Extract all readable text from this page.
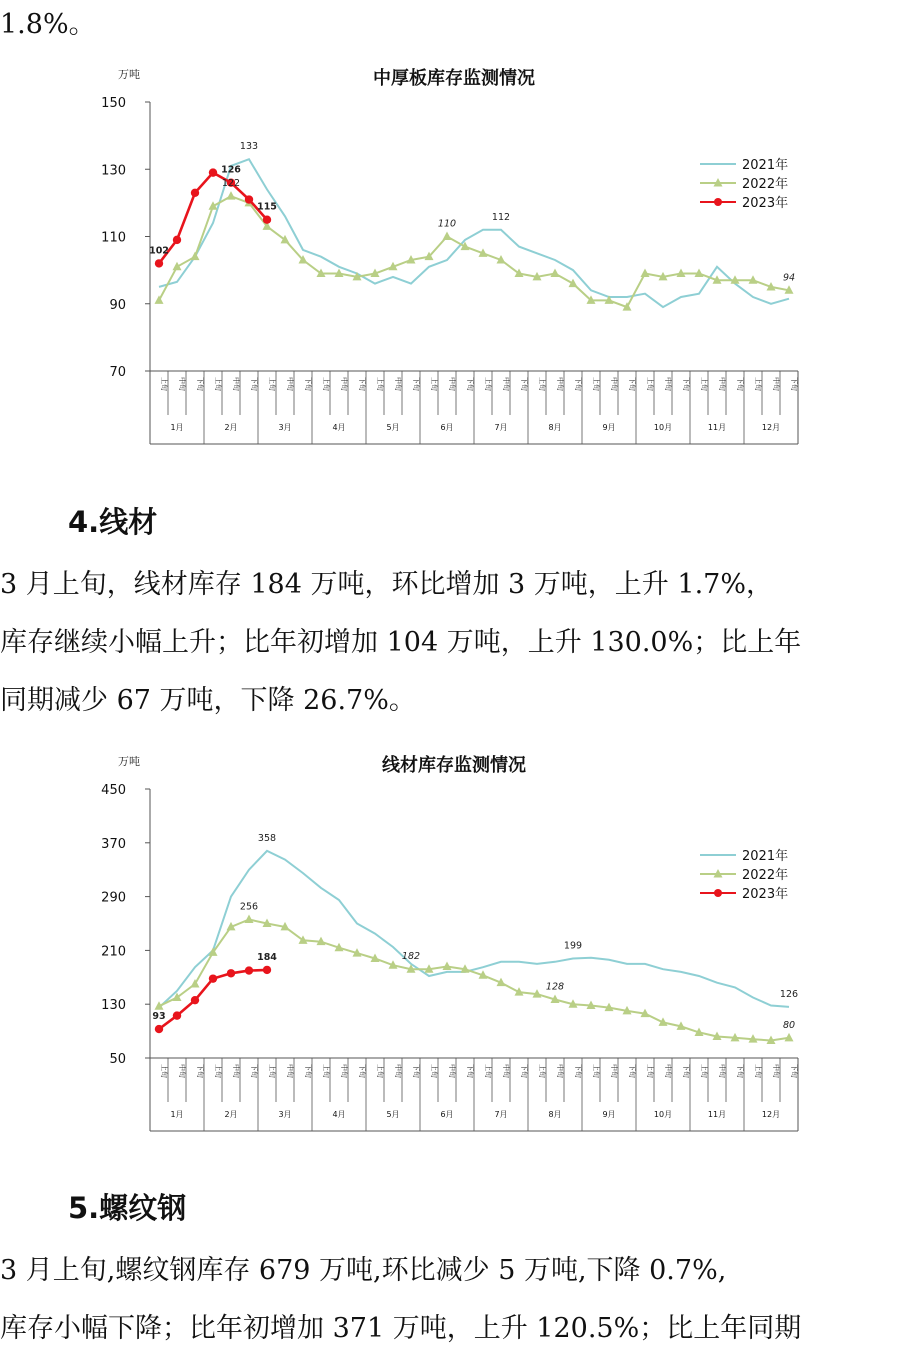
1.8%。

中厚板库存监测情况
万吨
70
90
110
130
150
上旬 中旬 下旬 上旬 中旬 下旬 上旬 中旬 下旬 上旬 中旬 下旬 上旬 中旬 下旬 上旬 中旬 下旬 上旬 中旬 下旬 上旬 中旬 下旬 上旬 中旬 下旬 上旬 中旬 下旬 上旬 中旬 下旬 上旬 中旬 下旬
1月	2月	3月	4月	5月	6月	7月	8月	9月	10月	11月	12月
102
126
115
122
133
110
112
94
2021年
2022年
2023年

4.线材

3 月上旬，线材库存 184 万吨，环比增加 3 万吨，上升 1.7%，

库存继续小幅上升；比年初增加 104 万吨，上升 130.0%；比上年

同期减少 67 万吨，下降 26.7%。

线材库存监测情况
万吨
50
130
210
290
370
450
上旬 中旬 下旬 上旬 中旬 下旬 上旬 中旬 下旬 上旬 中旬 下旬 上旬 中旬 下旬 上旬 中旬 下旬 上旬 中旬 下旬 上旬 中旬 下旬 上旬 中旬 下旬 上旬 中旬 下旬 上旬 中旬 下旬 上旬 中旬 下旬
1月	2月	3月	4月	5月	6月	7月	8月	9月	10月	11月	12月
358
256
184
93
182
199
128
126
80
2021年
2022年
2023年

5.螺纹钢

3 月上旬,螺纹钢库存 679 万吨,环比减少 5 万吨,下降 0.7%,

库存小幅下降；比年初增加 371 万吨，上升 120.5%；比上年同期
